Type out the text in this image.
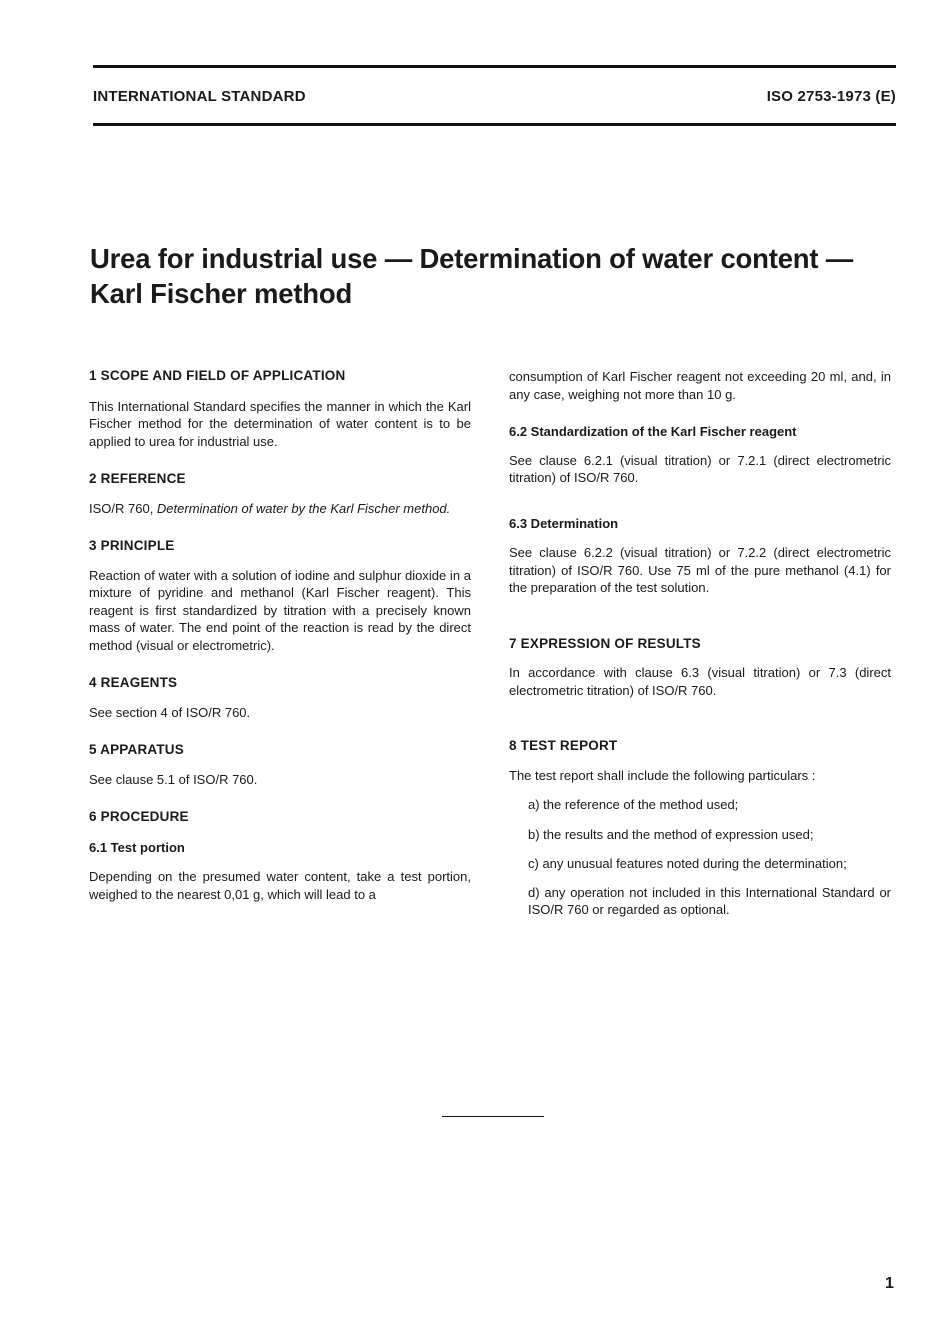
INTERNATIONAL STANDARD	ISO 2753-1973 (E)
Urea for industrial use — Determination of water content —
Karl Fischer method

1 SCOPE AND FIELD OF APPLICATION

This International Standard specifies the manner in which the Karl Fischer method for the determination of water content is to be applied to urea for industrial use.

2 REFERENCE

ISO/R 760, Determination of water by the Karl Fischer method.

3 PRINCIPLE

Reaction of water with a solution of iodine and sulphur dioxide in a mixture of pyridine and methanol (Karl Fischer reagent). This reagent is first standardized by titration with a precisely known mass of water. The end point of the reaction is read by the direct method (visual or electrometric).

4 REAGENTS

See section 4 of ISO/R 760.

5 APPARATUS

See clause 5.1 of ISO/R 760.

6 PROCEDURE

6.1 Test portion

Depending on the presumed water content, take a test portion, weighed to the nearest 0,01 g, which will lead to a

consumption of Karl Fischer reagent not exceeding 20 ml, and, in any case, weighing not more than 10 g.

6.2 Standardization of the Karl Fischer reagent

See clause 6.2.1 (visual titration) or 7.2.1 (direct electrometric titration) of ISO/R 760.

6.3 Determination

See clause 6.2.2 (visual titration) or 7.2.2 (direct electrometric titration) of ISO/R 760. Use 75 ml of the pure methanol (4.1) for the preparation of the test solution.

7 EXPRESSION OF RESULTS

In accordance with clause 6.3 (visual titration) or 7.3 (direct electrometric titration) of ISO/R 760.

8 TEST REPORT

The test report shall include the following particulars :

a) the reference of the method used;

b) the results and the method of expression used;

c) any unusual features noted during the determination;

d) any operation not included in this International Standard or ISO/R 760 or regarded as optional.

1
